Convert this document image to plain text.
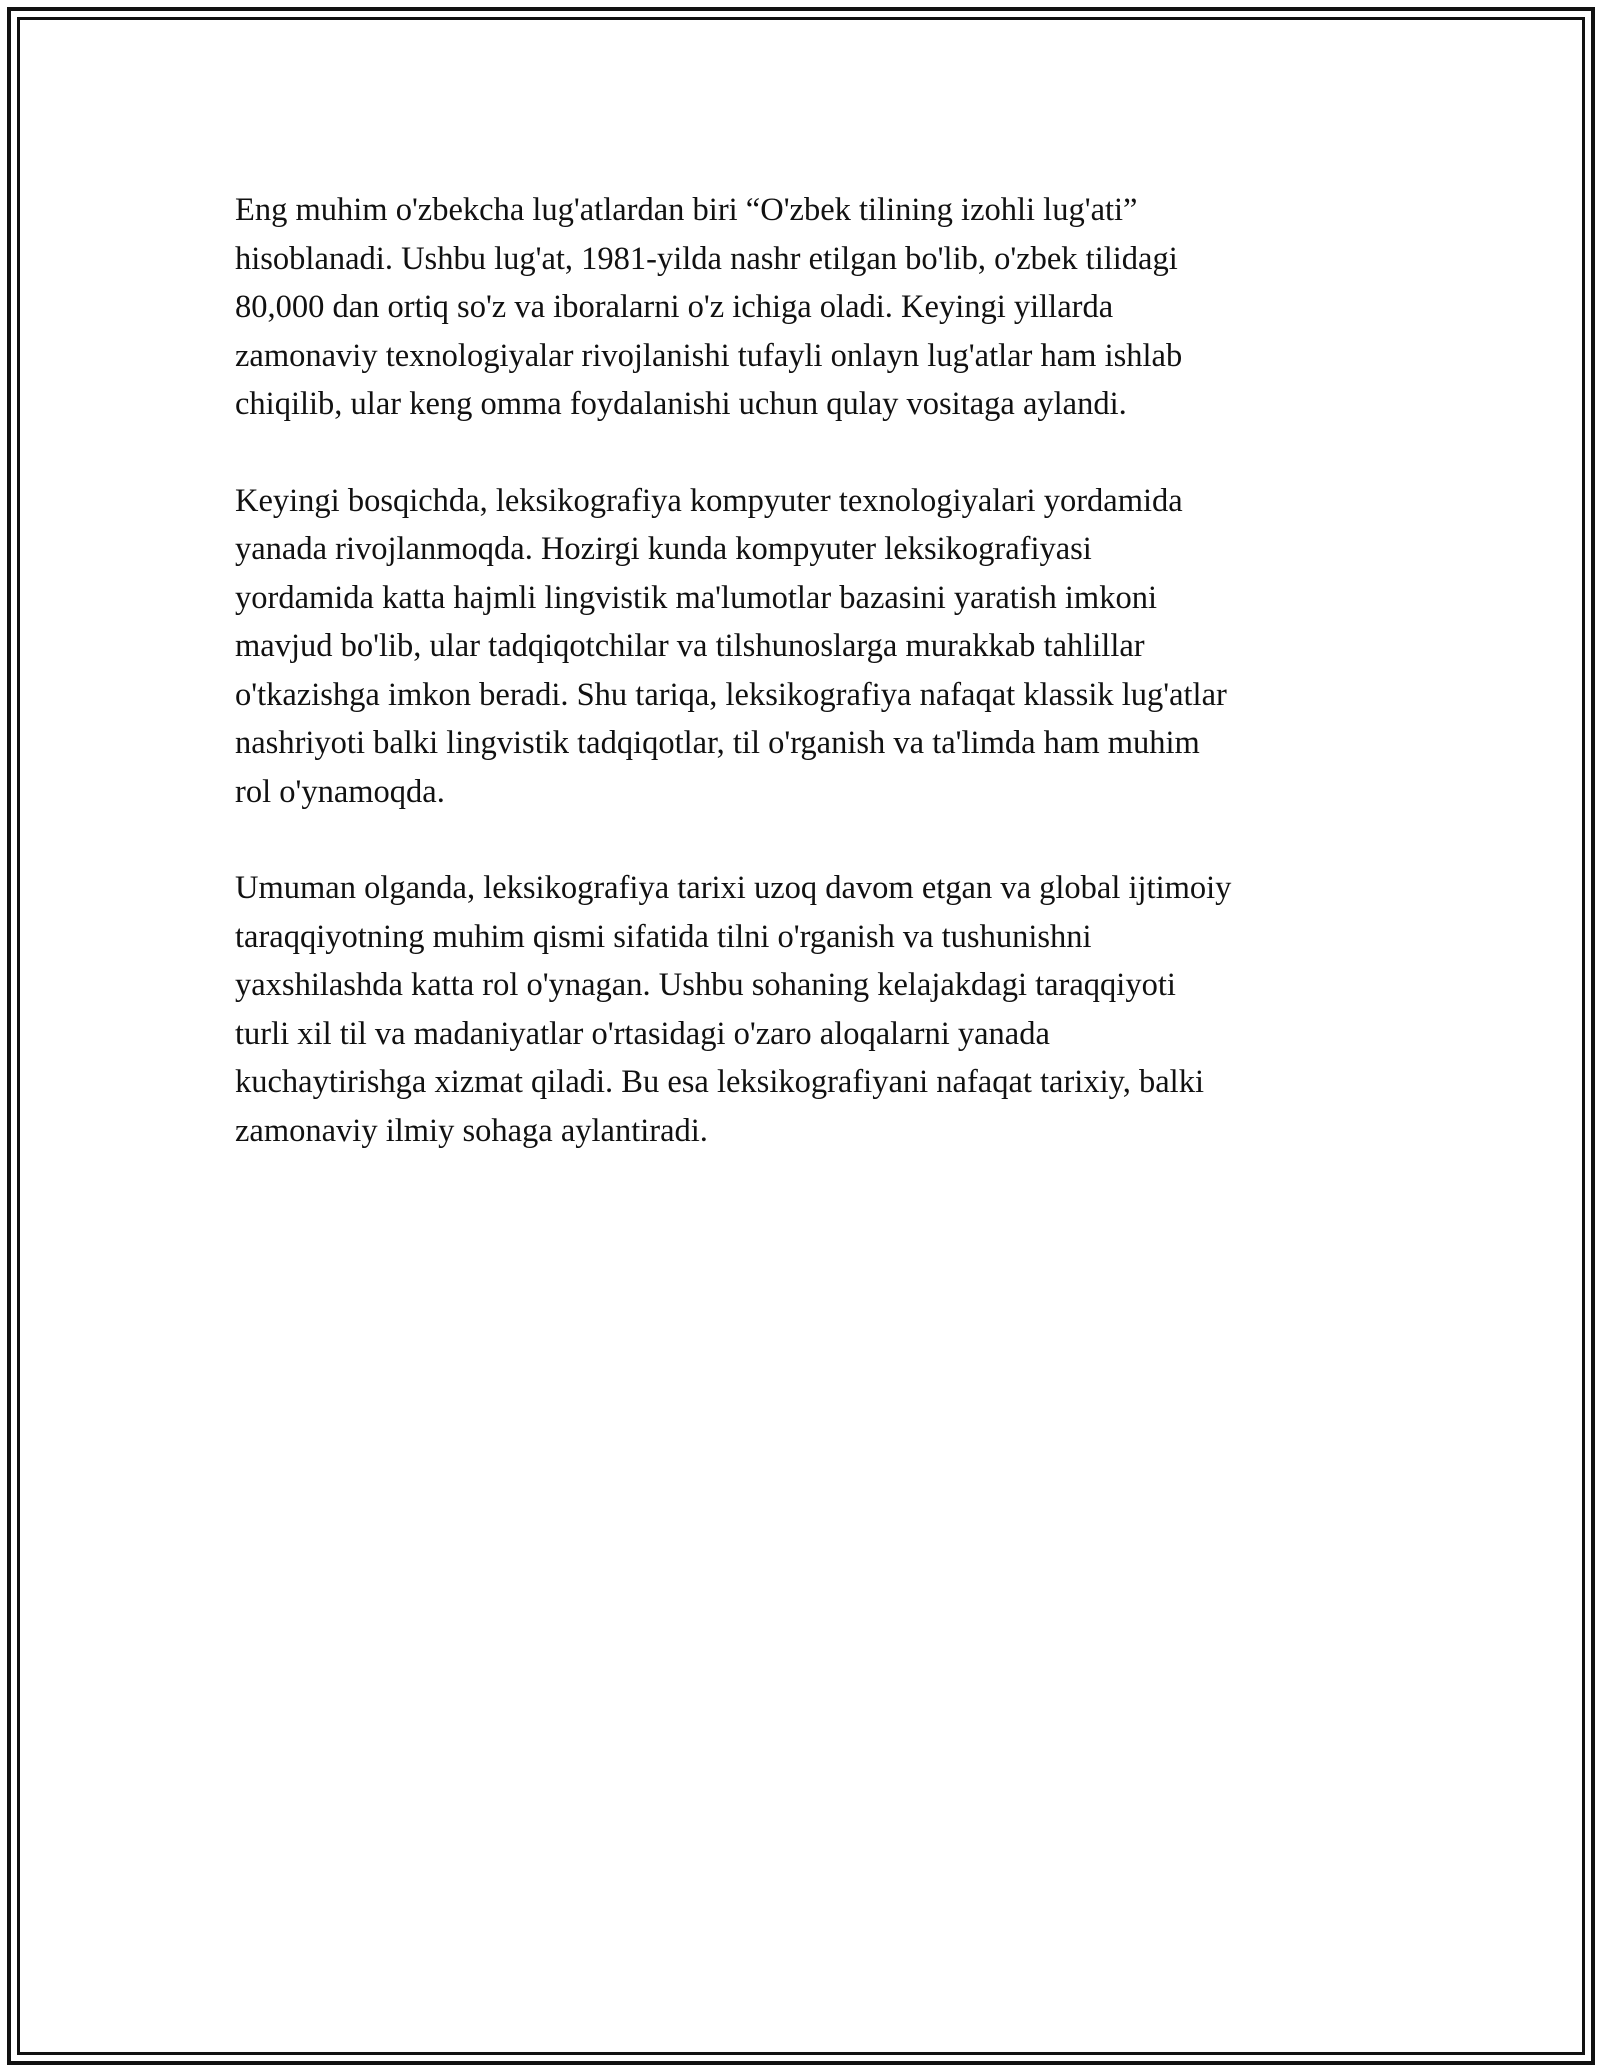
Eng muhim o'zbekcha lug'atlardan biri “O'zbek tilining izohli lug'ati”
hisoblanadi. Ushbu lug'at, 1981-yilda nashr etilgan bo'lib, o'zbek tilidagi
80,000 dan ortiq so'z va iboralarni o'z ichiga oladi. Keyingi yillarda
zamonaviy texnologiyalar rivojlanishi tufayli onlayn lug'atlar ham ishlab
chiqilib, ular keng omma foydalanishi uchun qulay vositaga aylandi.

Keyingi bosqichda, leksikografiya kompyuter texnologiyalari yordamida
yanada rivojlanmoqda. Hozirgi kunda kompyuter leksikografiyasi
yordamida katta hajmli lingvistik ma'lumotlar bazasini yaratish imkoni
mavjud bo'lib, ular tadqiqotchilar va tilshunoslarga murakkab tahlillar
o'tkazishga imkon beradi. Shu tariqa, leksikografiya nafaqat klassik lug'atlar
nashriyoti balki lingvistik tadqiqotlar, til o'rganish va ta'limda ham muhim
rol o'ynamoqda.

Umuman olganda, leksikografiya tarixi uzoq davom etgan va global ijtimoiy
taraqqiyotning muhim qismi sifatida tilni o'rganish va tushunishni
yaxshilashda katta rol o'ynagan. Ushbu sohaning kelajakdagi taraqqiyoti
turli xil til va madaniyatlar o'rtasidagi o'zaro aloqalarni yanada
kuchaytirishga xizmat qiladi. Bu esa leksikografiyani nafaqat tarixiy, balki
zamonaviy ilmiy sohaga aylantiradi.
